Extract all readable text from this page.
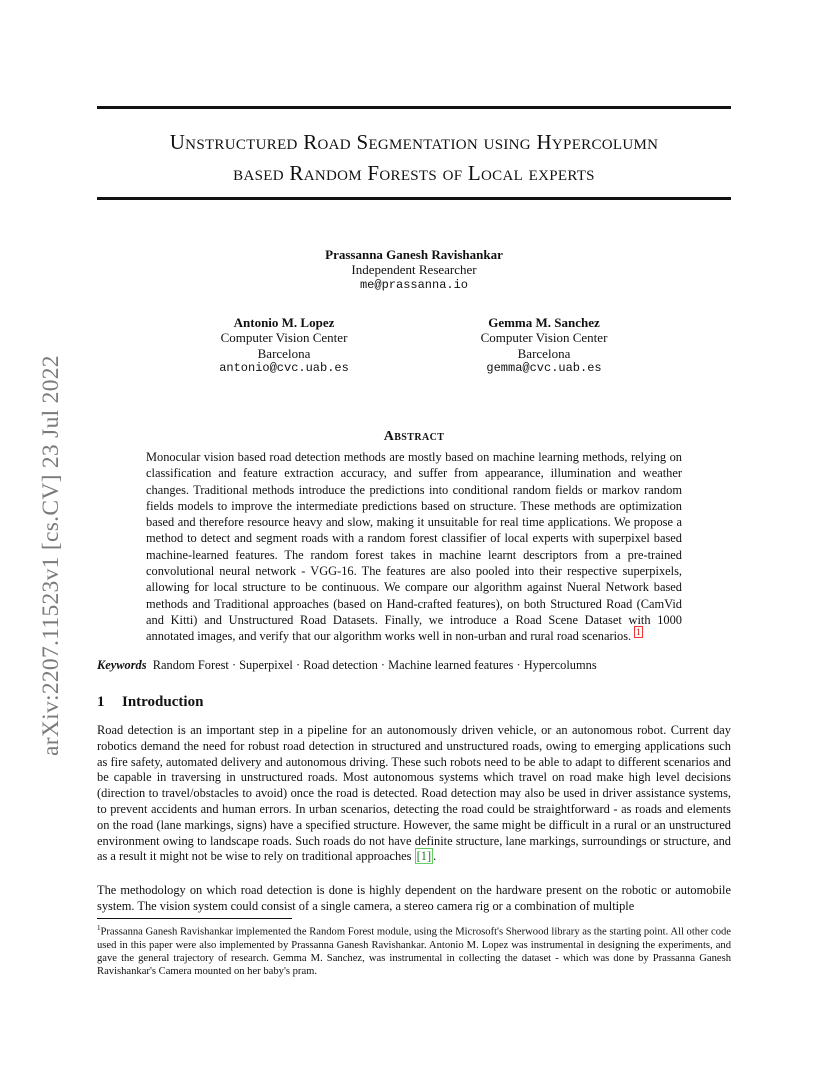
arXiv:2207.11523v1 [cs.CV] 23 Jul 2022
Unstructured Road Segmentation using Hypercolumn
based Random Forests of Local experts
Prassanna Ganesh Ravishankar
Independent Researcher
me@prassanna.io
Antonio M. Lopez
Computer Vision Center
Barcelona
antonio@cvc.uab.es
Gemma M. Sanchez
Computer Vision Center
Barcelona
gemma@cvc.uab.es
Abstract
Monocular vision based road detection methods are mostly based on machine learning methods, relying on classification and feature extraction accuracy, and suffer from appearance, illumination and weather changes. Traditional methods introduce the predictions into conditional random fields or markov random fields models to improve the intermediate predictions based on structure. These methods are optimization based and therefore resource heavy and slow, making it unsuitable for real time applications. We propose a method to detect and segment roads with a random forest classifier of local experts with superpixel based machine-learned features. The random forest takes in machine learnt descriptors from a pre-trained convolutional neural network - VGG-16. The features are also pooled into their respective superpixels, allowing for local structure to be continuous. We compare our algorithm against Nueral Network based methods and Traditional approaches (based on Hand-crafted features), on both Structured Road (CamVid and Kitti) and Unstructured Road Datasets. Finally, we introduce a Road Scene Dataset with 1000 annotated images, and verify that our algorithm works well in non-urban and rural road scenarios. $^1$
Keywords Random Forest · Superpixel · Road detection · Machine learned features · Hypercolumns
1 Introduction
Road detection is an important step in a pipeline for an autonomously driven vehicle, or an autonomous robot. Current day robotics demand the need for robust road detection in structured and unstructured roads, owing to emerging applications such as fire safety, automated delivery and autonomous driving. These such robots need to be able to adapt to different scenarios and be capable in traversing in unstructured roads. Most autonomous systems which travel on road make high level decisions (direction to travel/obstacles to avoid) once the road is detected. Road detection may also be used in driver assistance systems, to prevent accidents and human errors. In urban scenarios, detecting the road could be straightforward - as roads and elements on the road (lane markings, signs) have a specified structure. However, the same might be difficult in a rural or an unstructured environment owing to landscape roads. Such roads do not have definite structure, lane markings, surroundings or structure, and as a result it might not be wise to rely on traditional approaches [1] .
The methodology on which road detection is done is highly dependent on the hardware present on the robotic or automobile system. The vision system could consist of a single camera, a stereo camera rig or a combination of multiple
$^1$Prassanna Ganesh Ravishankar implemented the Random Forest module, using the Microsoft's Sherwood library as the starting point. All other code used in this paper were also implemented by Prassanna Ganesh Ravishankar. Antonio M. Lopez was instrumental in designing the experiments, and gave the general trajectory of research. Gemma M. Sanchez, was instrumental in collecting the dataset - which was done by Prassanna Ganesh Ravishankar's Camera mounted on her baby's pram.
